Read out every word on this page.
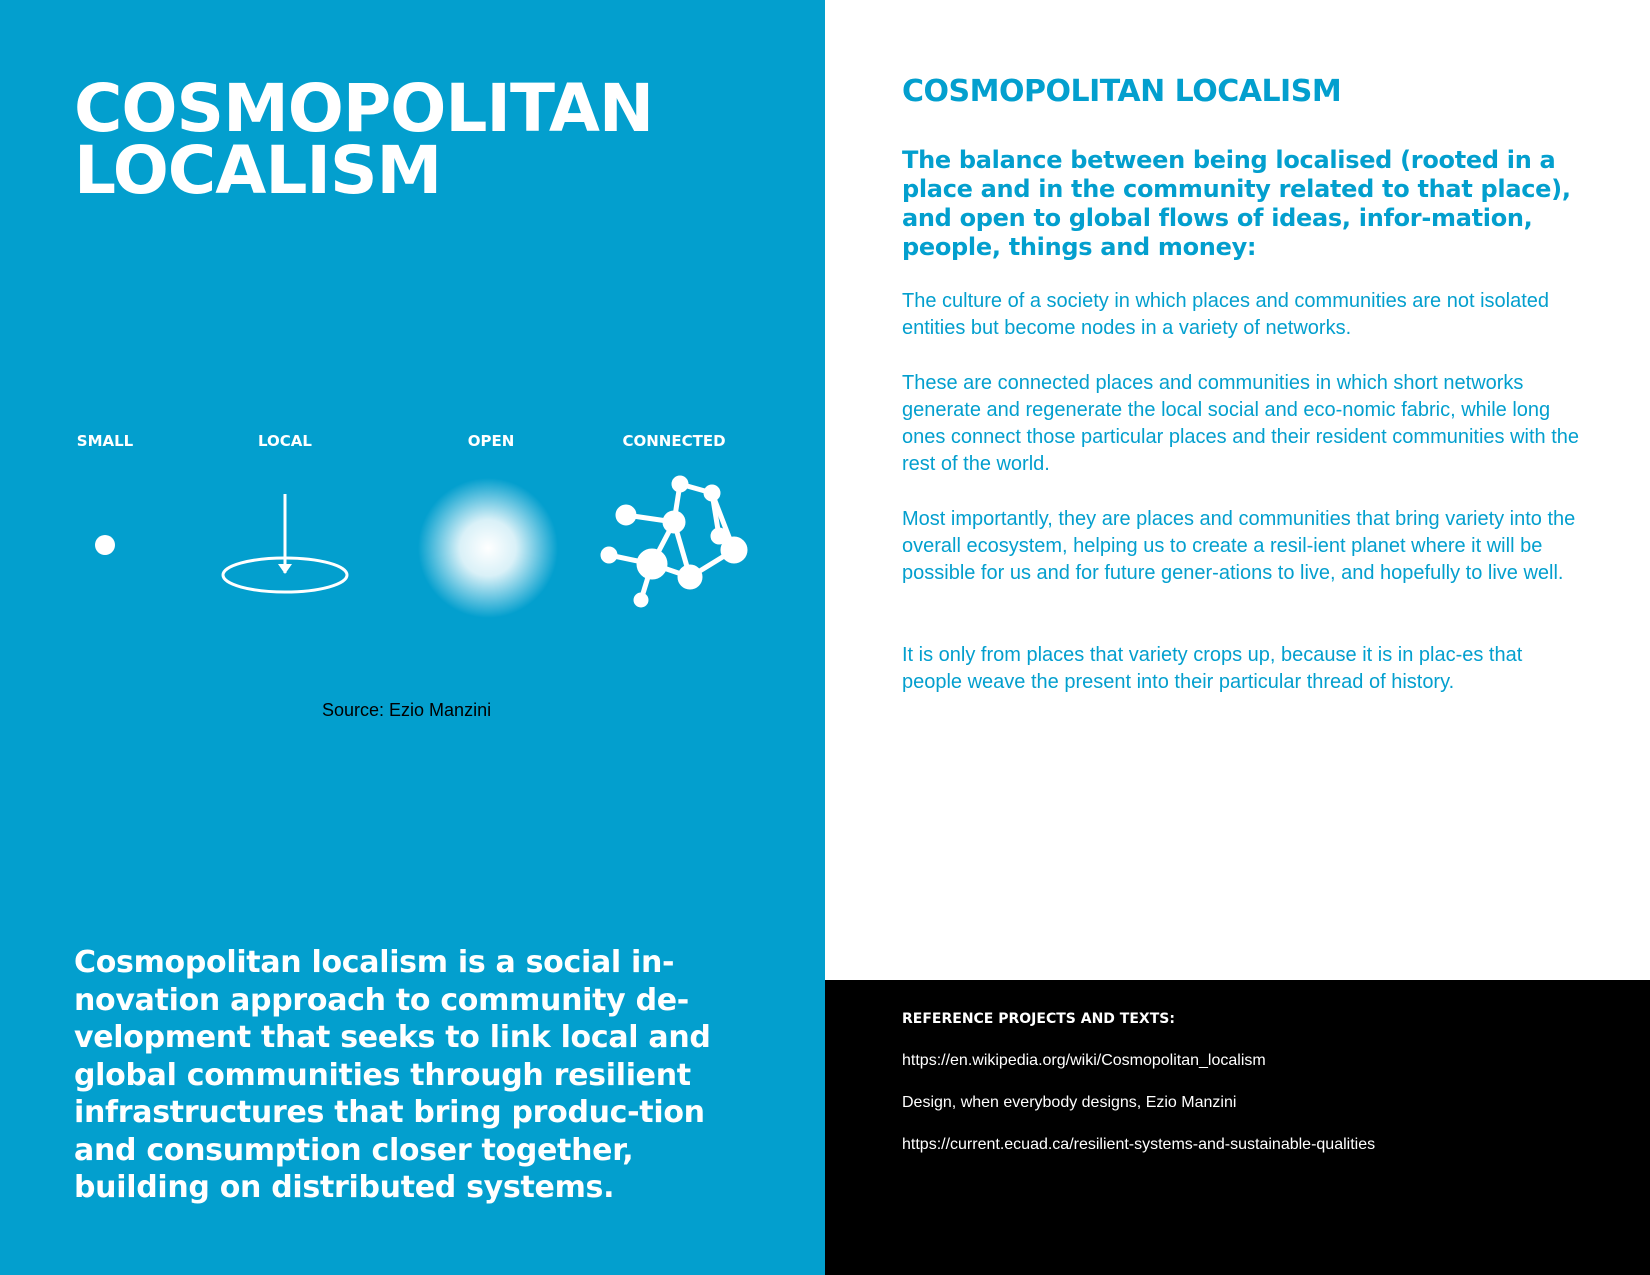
COSMOPOLITAN
LOCALISM
SMALL	LOCAL	OPEN	CONNECTED
Source: Ezio Manzini

Cosmopolitan localism is a social in-novation approach to community de-velopment that seeks to link local and global communities through resilient infrastructures that bring produc-tion and consumption closer together, building on distributed systems.

COSMOPOLITAN LOCALISM

The balance between being localised (rooted in a place and in the community related to that place), and open to global flows of ideas, infor-mation, people, things and money:

The culture of a society in which places and communities are not isolated entities but become nodes in a variety of networks.

These are connected places and communities in which short networks generate and regenerate the local social and eco-nomic fabric, while long ones connect those particular places and their resident communities with the rest of the world.

Most importantly, they are places and communities that bring variety into the overall ecosystem, helping us to create a resil-ient planet where it will be possible for us and for future gener-ations to live, and hopefully to live well.

It is only from places that variety crops up, because it is in plac-es that people weave the present into their particular thread of history.

REFERENCE PROJECTS AND TEXTS:
https://en.wikipedia.org/wiki/Cosmopolitan_localism
Design, when everybody designs, Ezio Manzini
https://current.ecuad.ca/resilient-systems-and-sustainable-qualities
